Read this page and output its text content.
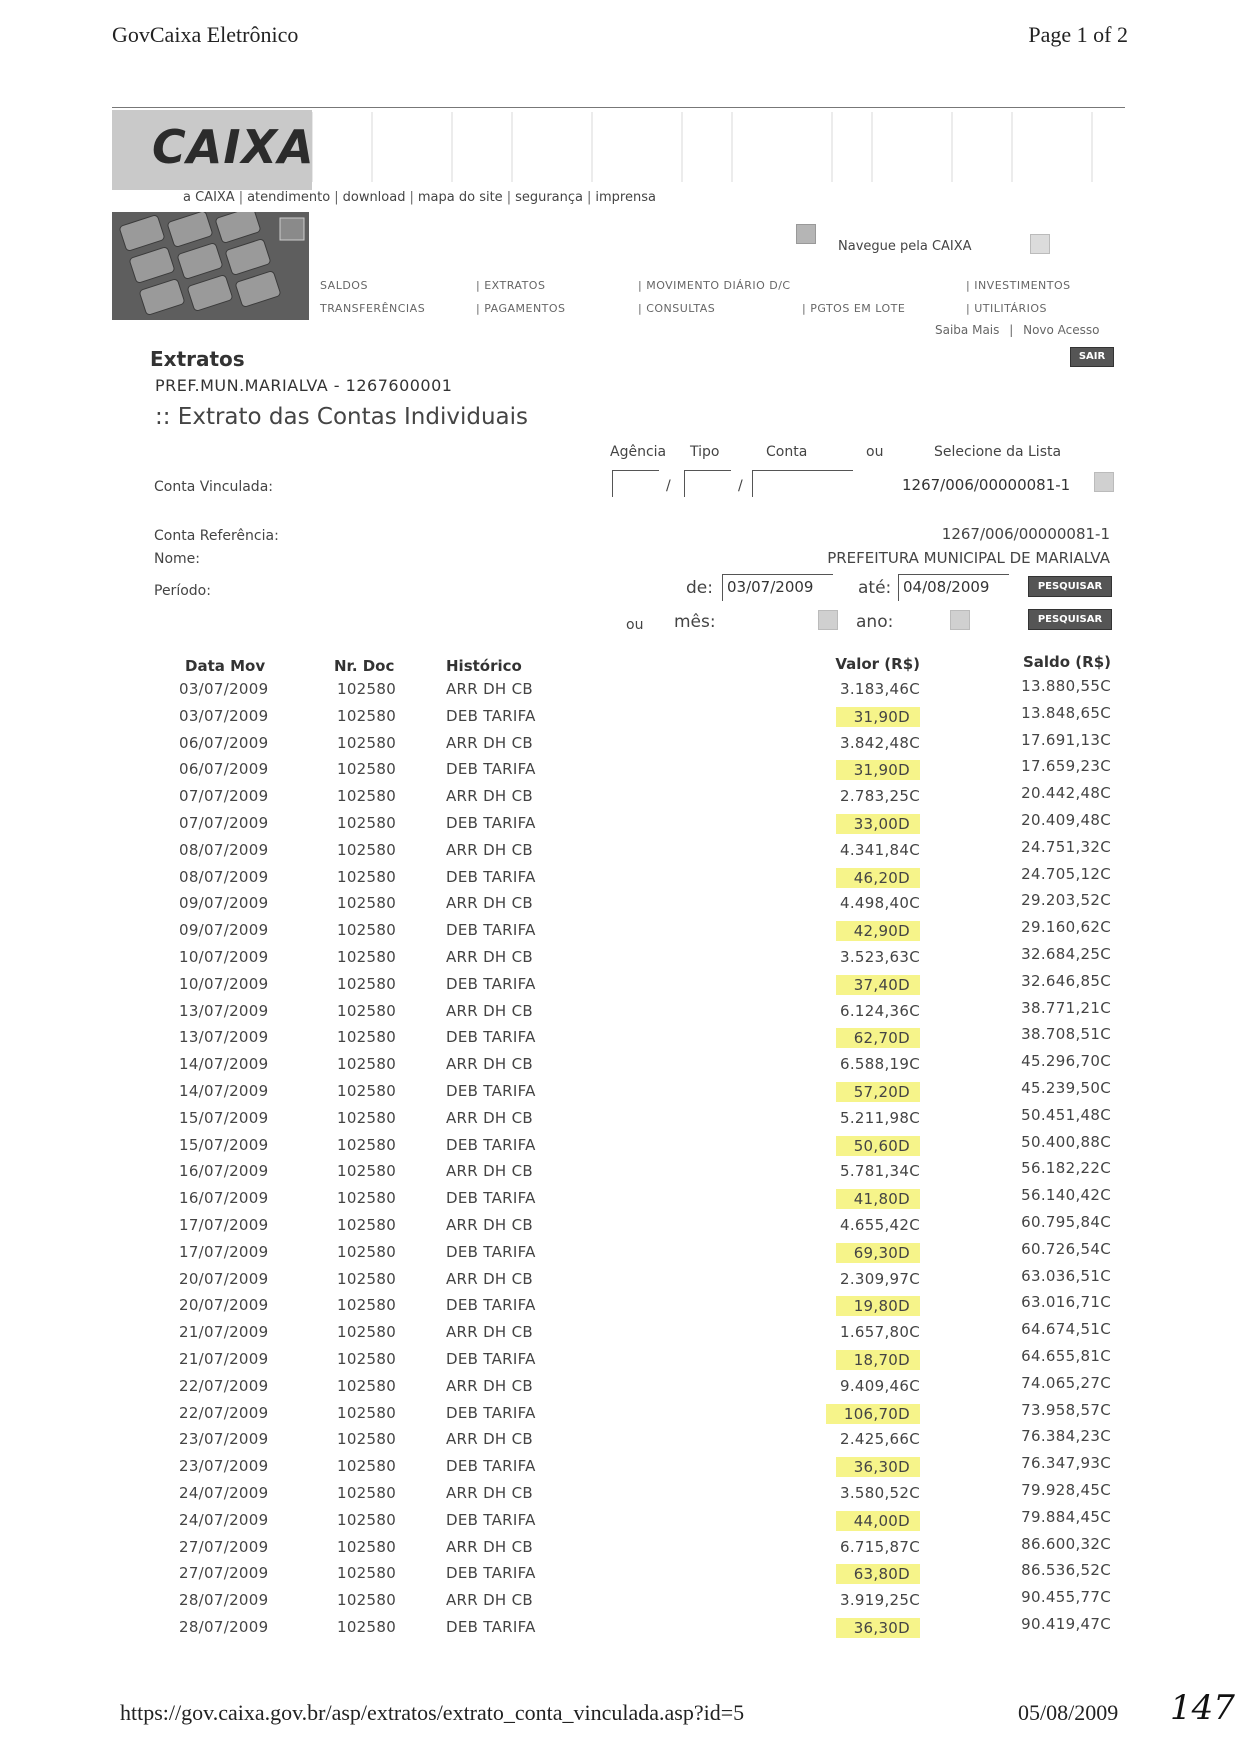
GovCaixa Eletrônico	Page 1 of 2
CAIXA
a CAIXA | atendimento | download | mapa do site | segurança | imprensa
Navegue pela CAIXA
SALDOS	| EXTRATOS	| MOVIMENTO DIÁRIO D/C	| INVESTIMENTOS
TRANSFERÊNCIAS	| PAGAMENTOS	| CONSULTAS	| PGTOS EM LOTE	| UTILITÁRIOS
Saiba Mais | Novo Acesso
SAIR
Extratos
PREF.MUN.MARIALVA - 1267600001
:: Extrato das Contas Individuais
Agência Tipo	Conta	ou	Selecione da Lista
Conta Vinculada:	/	/	1267/006/00000081-1
Conta Referência:	1267/006/00000081-1
Nome:	PREFEITURA MUNICIPAL DE MARIALVA
Período:	de: 03/07/2009	até: 04/08/2009	PESQUISAR
ou mês:	ano:	PESQUISAR
Data Mov	Nr. Doc	Histórico	Valor (R$)	Saldo (R$)
03/07/2009	102580	ARR DH CB	3.183,46C	13.880,55C
03/07/2009	102580	DEB TARIFA	31,90D	13.848,65C
06/07/2009	102580	ARR DH CB	3.842,48C	17.691,13C
06/07/2009	102580	DEB TARIFA	31,90D	17.659,23C
07/07/2009	102580	ARR DH CB	2.783,25C	20.442,48C
07/07/2009	102580	DEB TARIFA	33,00D	20.409,48C
08/07/2009	102580	ARR DH CB	4.341,84C	24.751,32C
08/07/2009	102580	DEB TARIFA	46,20D	24.705,12C
09/07/2009	102580	ARR DH CB	4.498,40C	29.203,52C
09/07/2009	102580	DEB TARIFA	42,90D	29.160,62C
10/07/2009	102580	ARR DH CB	3.523,63C	32.684,25C
10/07/2009	102580	DEB TARIFA	37,40D	32.646,85C
13/07/2009	102580	ARR DH CB	6.124,36C	38.771,21C
13/07/2009	102580	DEB TARIFA	62,70D	38.708,51C
14/07/2009	102580	ARR DH CB	6.588,19C	45.296,70C
14/07/2009	102580	DEB TARIFA	57,20D	45.239,50C
15/07/2009	102580	ARR DH CB	5.211,98C	50.451,48C
15/07/2009	102580	DEB TARIFA	50,60D	50.400,88C
16/07/2009	102580	ARR DH CB	5.781,34C	56.182,22C
16/07/2009	102580	DEB TARIFA	41,80D	56.140,42C
17/07/2009	102580	ARR DH CB	4.655,42C	60.795,84C
17/07/2009	102580	DEB TARIFA	69,30D	60.726,54C
20/07/2009	102580	ARR DH CB	2.309,97C	63.036,51C
20/07/2009	102580	DEB TARIFA	19,80D	63.016,71C
21/07/2009	102580	ARR DH CB	1.657,80C	64.674,51C
21/07/2009	102580	DEB TARIFA	18,70D	64.655,81C
22/07/2009	102580	ARR DH CB	9.409,46C	74.065,27C
22/07/2009	102580	DEB TARIFA	106,70D	73.958,57C
23/07/2009	102580	ARR DH CB	2.425,66C	76.384,23C
23/07/2009	102580	DEB TARIFA	36,30D	76.347,93C
24/07/2009	102580	ARR DH CB	3.580,52C	79.928,45C
24/07/2009	102580	DEB TARIFA	44,00D	79.884,45C
27/07/2009	102580	ARR DH CB	6.715,87C	86.600,32C
27/07/2009	102580	DEB TARIFA	63,80D	86.536,52C
28/07/2009	102580	ARR DH CB	3.919,25C	90.455,77C
28/07/2009	102580	DEB TARIFA	36,30D	90.419,47C
https://gov.caixa.gov.br/asp/extratos/extrato_conta_vinculada.asp?id=5	05/08/2009 147
